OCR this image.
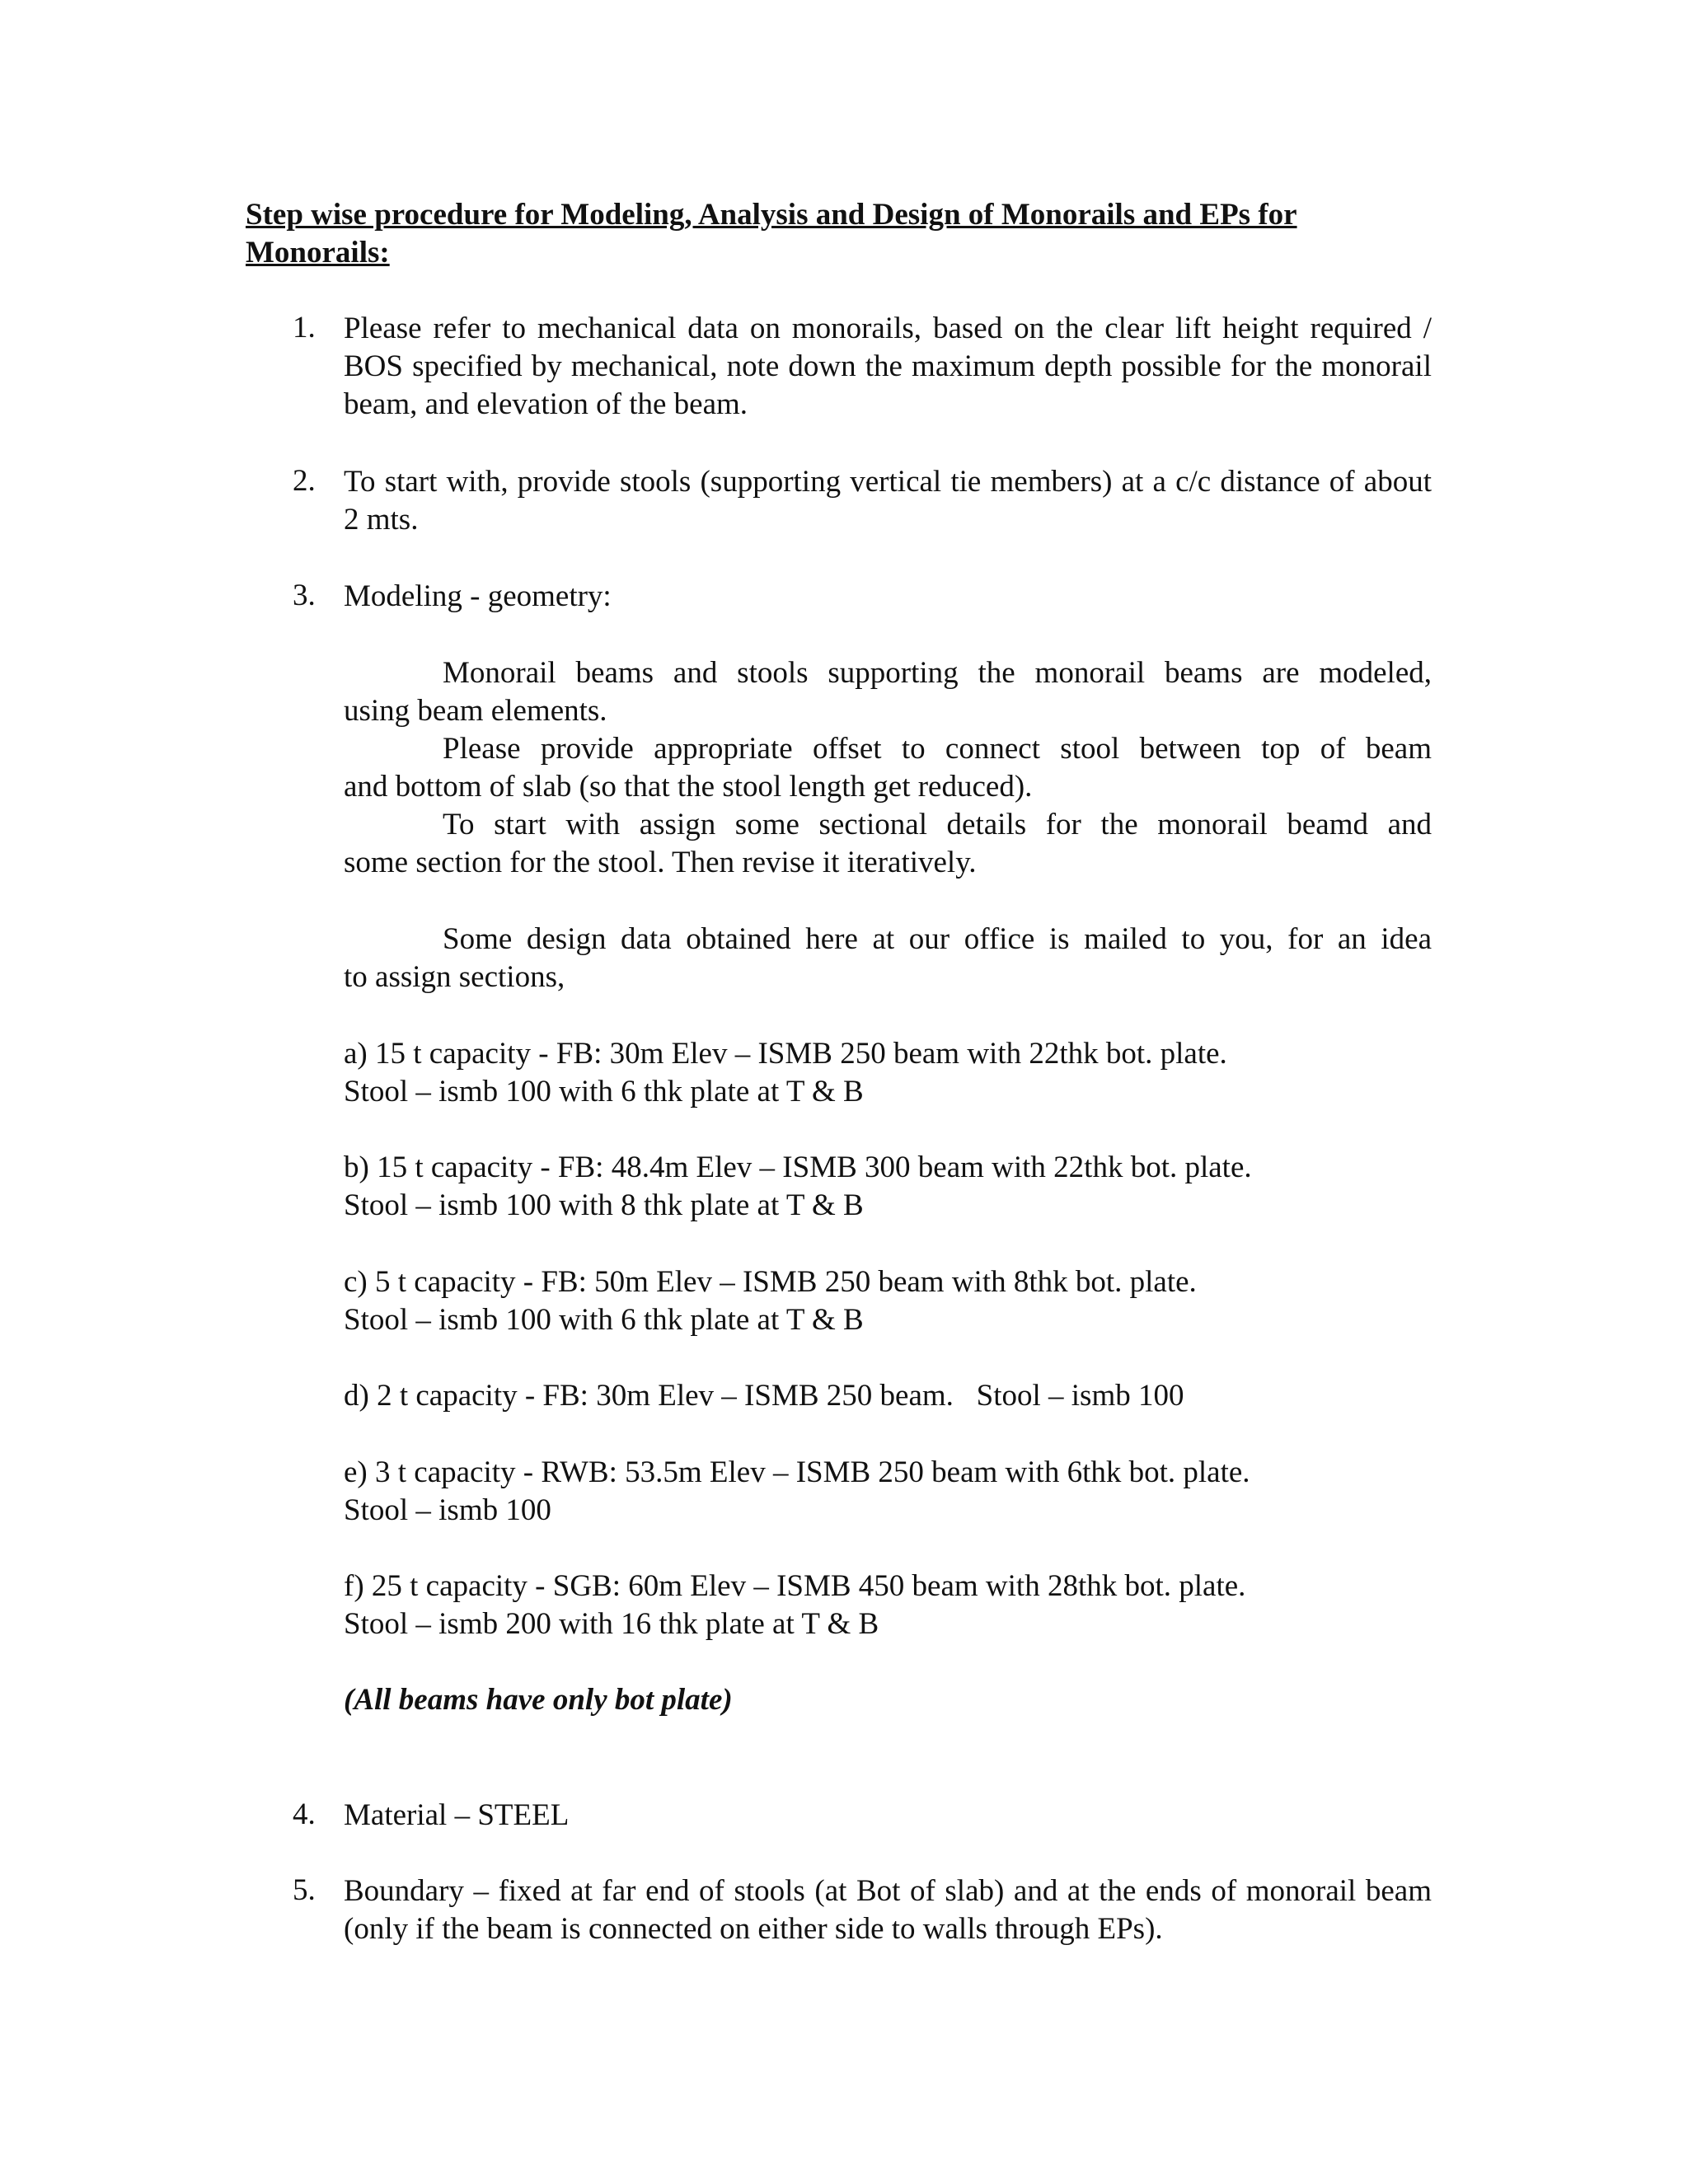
Step wise procedure for Modeling, Analysis and Design of Monorails and EPs for Monorails:
1. Please refer to mechanical data on monorails, based on the clear lift height required / BOS specified by mechanical, note down the maximum depth possible for the monorail beam, and elevation of the beam.
2. To start with, provide stools (supporting vertical tie members) at a c/c distance of about 2 mts.
3. Modeling - geometry:
Monorail beams and stools supporting the monorail beams are modeled,
using beam elements.
Please provide appropriate offset to connect stool between top of beam
and bottom of slab (so that the stool length get reduced).
To start with assign some sectional details for the monorail beamd and
some section for the stool. Then revise it iteratively.
Some design data obtained here at our office is mailed to you, for an idea
to assign sections,
a) 15 t capacity - FB: 30m Elev – ISMB 250 beam with 22thk bot. plate.
Stool – ismb 100 with 6 thk plate at T & B
b) 15 t capacity - FB: 48.4m Elev – ISMB 300 beam with 22thk bot. plate.
Stool – ismb 100 with 8 thk plate at T & B
c) 5 t capacity - FB: 50m Elev – ISMB 250 beam with 8thk bot. plate.
Stool – ismb 100 with 6 thk plate at T & B
d) 2 t capacity - FB: 30m Elev – ISMB 250 beam.   Stool – ismb 100
e) 3 t capacity - RWB: 53.5m Elev – ISMB 250 beam with 6thk bot. plate.
Stool – ismb 100
f) 25 t capacity - SGB: 60m Elev – ISMB 450 beam with 28thk bot. plate.
Stool – ismb 200 with 16 thk plate at T & B
(All beams have only bot plate)
4. Material – STEEL
5. Boundary – fixed at far end of stools (at Bot of slab) and at the ends of monorail beam (only if the beam is connected on either side to walls through EPs).
